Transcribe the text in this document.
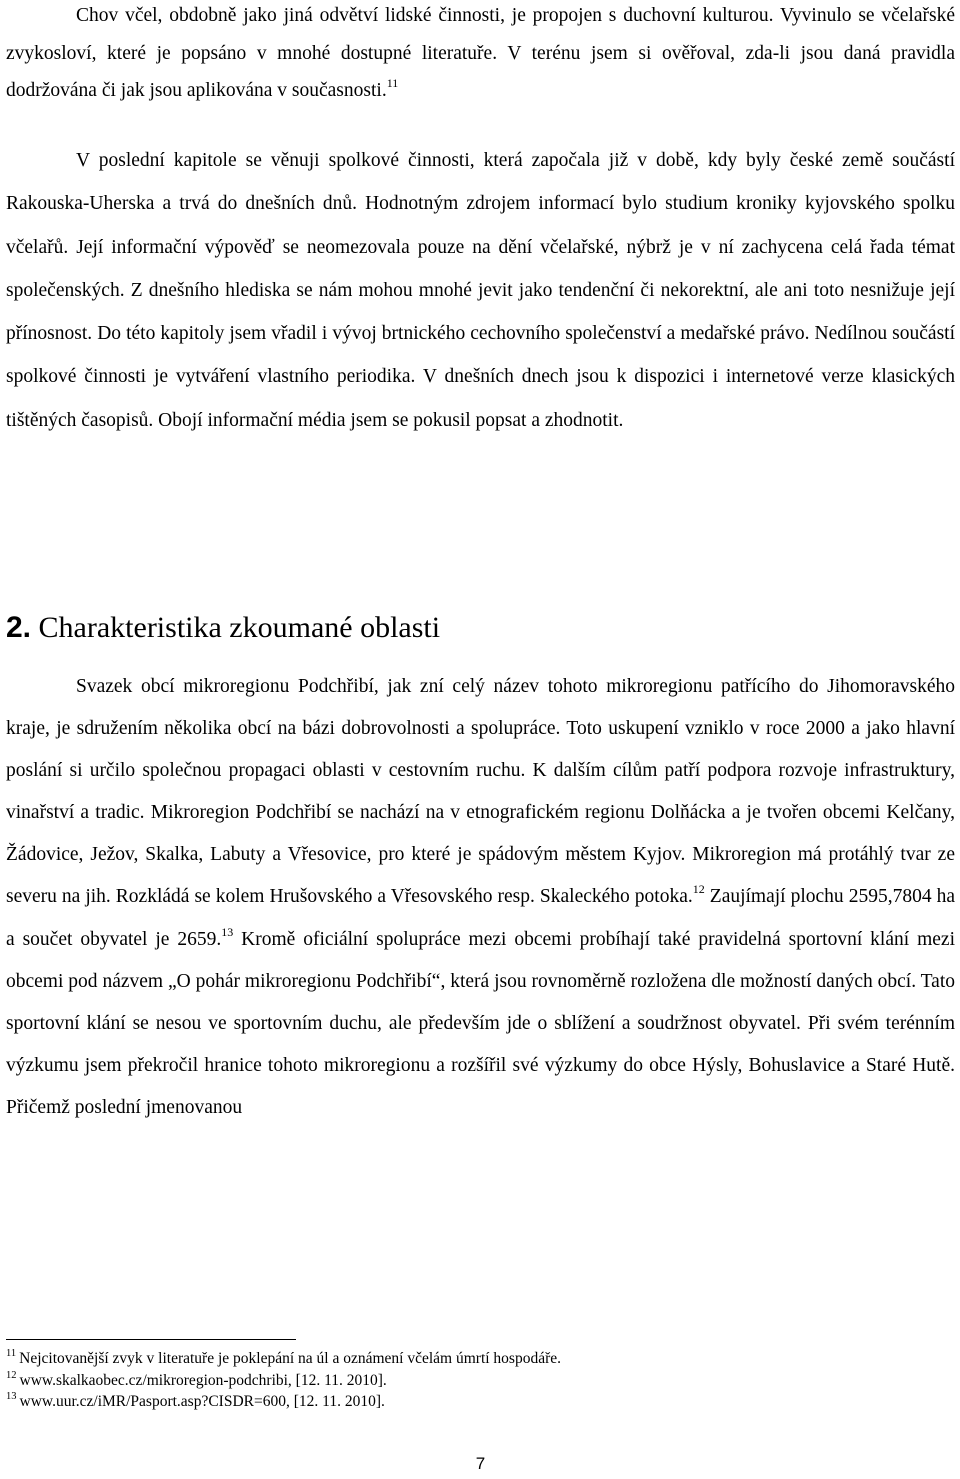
Chov včel, obdobně jako jiná odvětví lidské činnosti, je propojen s duchovní kulturou. Vyvinulo se včelařské zvykosloví, které je popsáno v mnohé dostupné literatuře. V terénu jsem si ověřoval, zda-li jsou daná pravidla dodržována či jak jsou aplikována v současnosti.$^{11}$

V poslední kapitole se věnuji spolkové činnosti, která započala již v době, kdy byly české země součástí Rakouska-Uherska a trvá do dnešních dnů. Hodnotným zdrojem informací bylo studium kroniky kyjovského spolku včelařů. Její informační výpověď se neomezovala pouze na dění včelařské, nýbrž je v ní zachycena celá řada témat společenských. Z dnešního hlediska se nám mohou mnohé jevit jako tendenční či nekorektní, ale ani toto nesnižuje její přínosnost. Do této kapitoly jsem vřadil i vývoj brtnického cechovního společenství a medařské právo. Nedílnou součástí spolkové činnosti je vytváření vlastního periodika. V dnešních dnech jsou k dispozici i internetové verze klasických tištěných časopisů. Obojí informační média jsem se pokusil popsat a zhodnotit.

2. Charakteristika zkoumané oblasti

Svazek obcí mikroregionu Podchřibí, jak zní celý název tohoto mikroregionu patřícího do Jihomoravského kraje, je sdružením několika obcí na bázi dobrovolnosti a spolupráce. Toto uskupení vzniklo v roce 2000 a jako hlavní poslání si určilo společnou propagaci oblasti v cestovním ruchu. K dalším cílům patří podpora rozvoje infrastruktury, vinařství a tradic. Mikroregion Podchřibí se nachází na v etnografickém regionu Dolňácka a je tvořen obcemi Kelčany, Žádovice, Ježov, Skalka, Labuty a Vřesovice, pro které je spádovým městem Kyjov. Mikroregion má protáhlý tvar ze severu na jih. Rozkládá se kolem Hrušovského a Vřesovského resp. Skaleckého potoka.$^{12}$ Zaujímají plochu 2595,7804 ha a součet obyvatel je 2659.13 Kromě oficiální spolupráce mezi obcemi probíhají také pravidelná sportovní klání mezi obcemi pod názvem „O pohár mikroregionu Podchřibí“, která jsou rovnoměrně rozložena dle možností daných obcí. Tato sportovní klání se nesou ve sportovním duchu, ale především jde o sblížení a soudržnost obyvatel. Při svém terénním výzkumu jsem překročil hranice tohoto mikroregionu a rozšířil své výzkumy do obce Hýsly, Bohuslavice a Staré Hutě. Přičemž poslední jmenovanou

$^{11}$ Nejcitovanější zvyk v literatuře je poklepání na úl a oznámení včelám úmrtí hospodáře.
$^{12}$ www.skalkaobec.cz/mikroregion-podchribi, [12. 11. 2010].
$^{13}$ www.uur.cz/iMR/Pasport.asp?CISDR=600, [12. 11. 2010].
7
